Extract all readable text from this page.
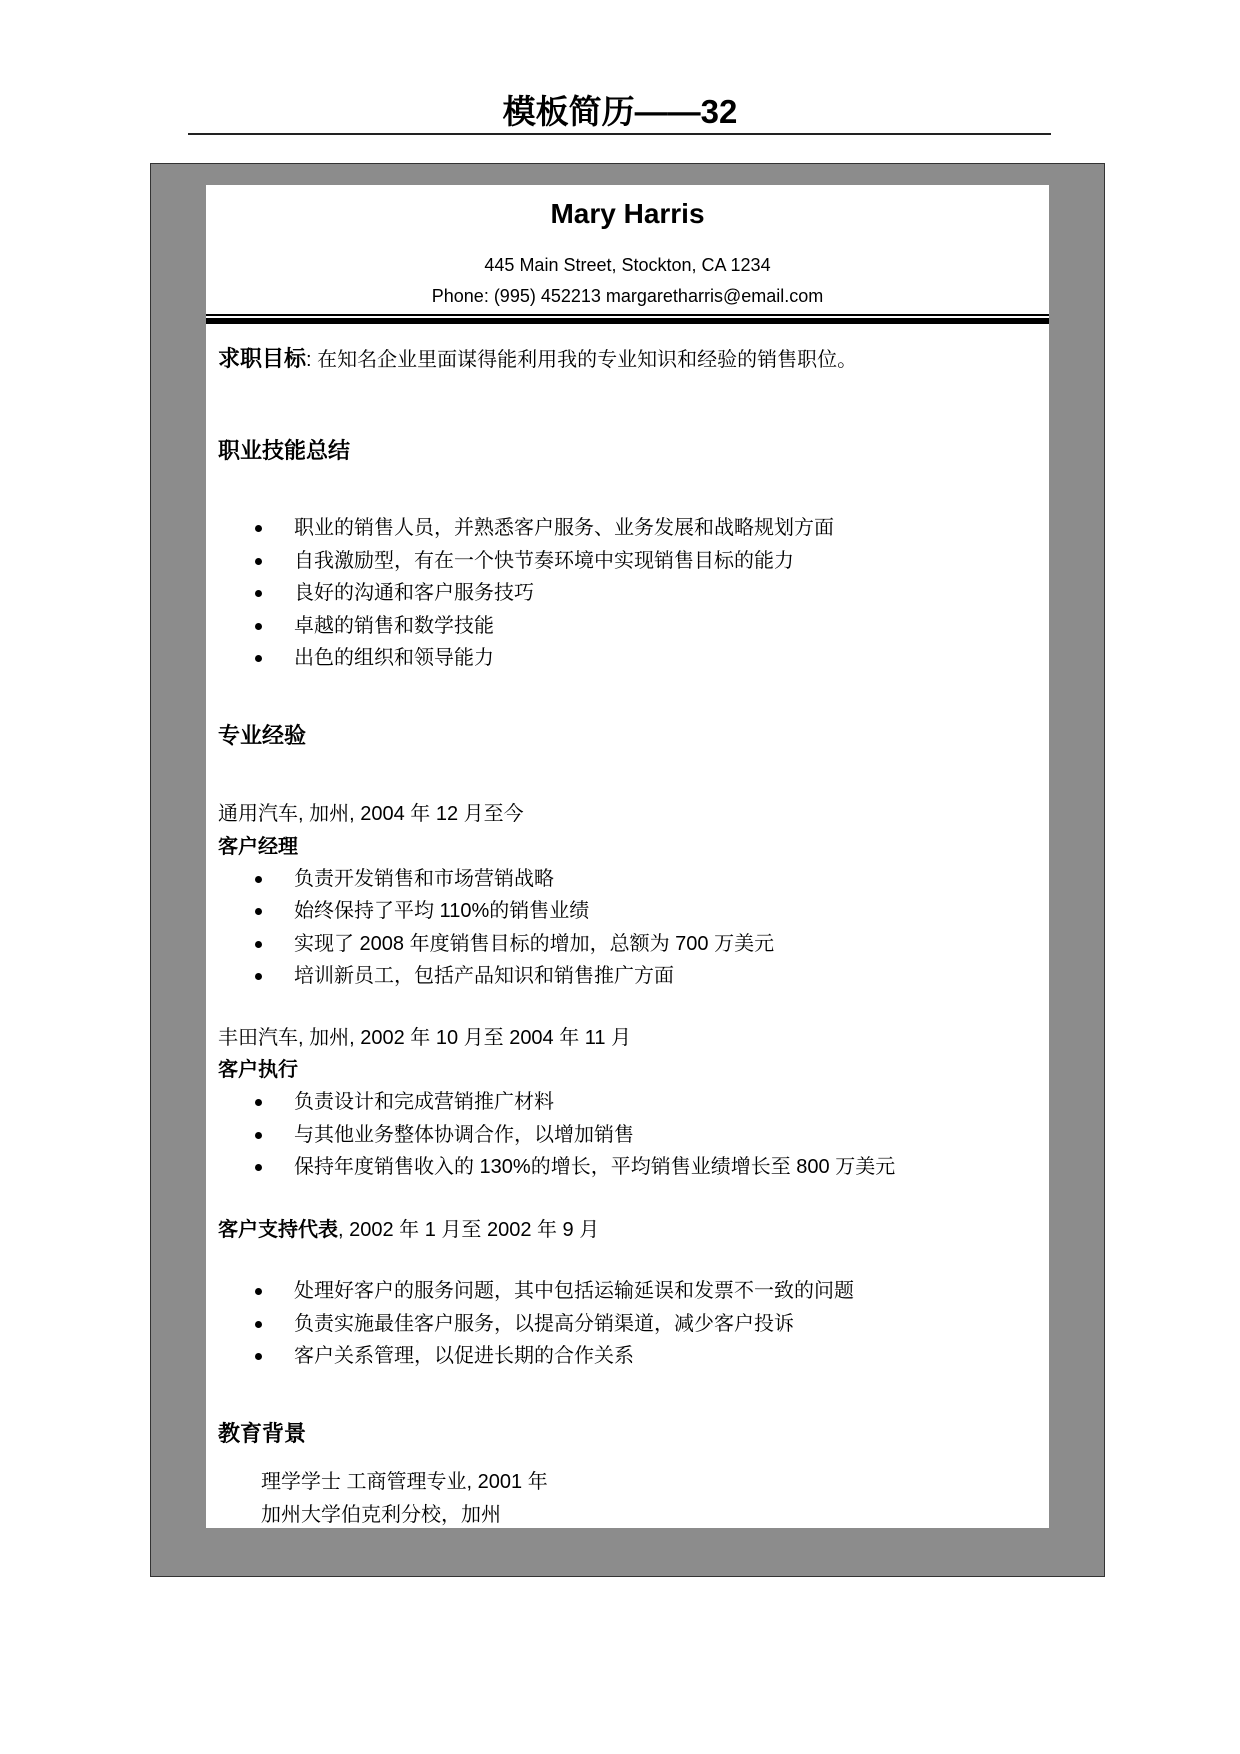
模板简历——32
Mary Harris
445 Main Street, Stockton, CA 1234
Phone: (995) 452213 margaretharris@email.com
求职目标: 在知名企业里面谋得能利用我的专业知识和经验的销售职位。
职业技能总结
职业的销售人员，并熟悉客户服务、业务发展和战略规划方面
自我激励型，有在一个快节奏环境中实现销售目标的能力
良好的沟通和客户服务技巧
卓越的销售和数学技能
出色的组织和领导能力
专业经验
通用汽车, 加州, 2004 年 12 月至今
客户经理
负责开发销售和市场营销战略
始终保持了平均 110%的销售业绩
实现了 2008 年度销售目标的增加，总额为 700 万美元
培训新员工，包括产品知识和销售推广方面
丰田汽车, 加州, 2002 年 10 月至 2004 年 11 月
客户执行
负责设计和完成营销推广材料
与其他业务整体协调合作，以增加销售
保持年度销售收入的 130%的增长，平均销售业绩增长至 800 万美元
客户支持代表, 2002 年 1 月至 2002 年 9 月
处理好客户的服务问题，其中包括运输延误和发票不一致的问题
负责实施最佳客户服务，以提高分销渠道，减少客户投诉
客户关系管理，以促进长期的合作关系
教育背景
理学学士 工商管理专业, 2001 年
加州大学伯克利分校，加州
